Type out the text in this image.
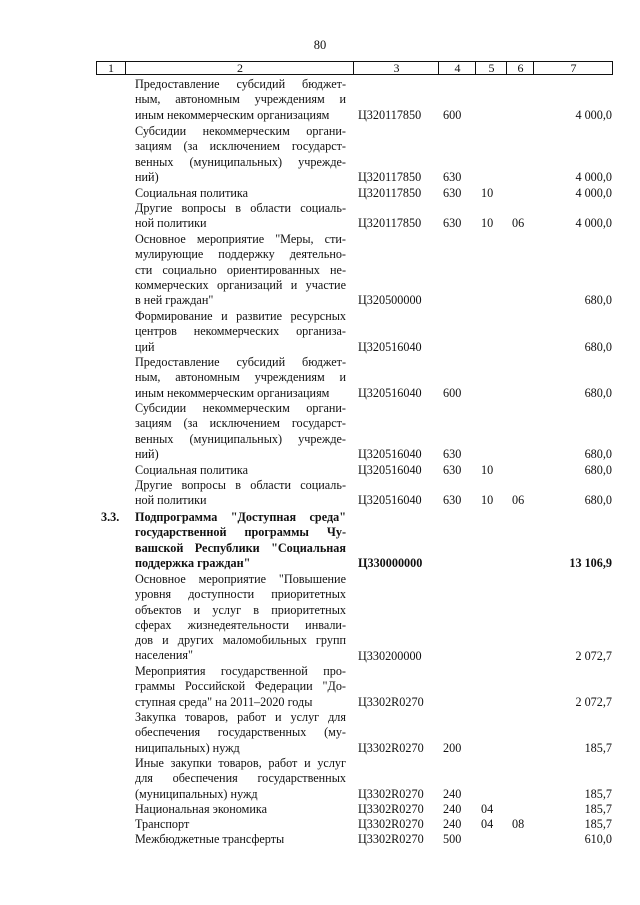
80
1	2	3	4	5	6	7
Предоставление субсидий бюджет-
ным, автономным учреждениям и
иным некоммерческим организациям	Ц320117850 600	4 000,0
Субсидии некоммерческим органи-
зациям (за исключением государст-
венных (муниципальных) учрежде-
ний)	Ц320117850 630	4 000,0
Социальная политика	Ц320117850 630 10	4 000,0
Другие вопросы в области социаль-
ной политики	Ц320117850 630 10 06	4 000,0
Основное мероприятие "Меры, сти-
мулирующие поддержку деятельно-
сти социально ориентированных не-
коммерческих организаций и участие
в ней граждан"	Ц320500000	680,0
Формирование и развитие ресурсных
центров некоммерческих организа-
ций	Ц320516040	680,0
Предоставление субсидий бюджет-
ным, автономным учреждениям и
иным некоммерческим организациям	Ц320516040 600	680,0
Субсидии некоммерческим органи-
зациям (за исключением государст-
венных (муниципальных) учрежде-
ний)	Ц320516040 630	680,0
Социальная политика	Ц320516040 630 10	680,0
Другие вопросы в области социаль-
ной политики	Ц320516040 630 10 06	680,0
3.3. Подпрограмма "Доступная среда"
государственной программы Чу-
вашской Республики "Социальная
поддержка граждан"	Ц330000000	13 106,9
Основное мероприятие "Повышение
уровня доступности приоритетных
объектов и услуг в приоритетных
сферах жизнедеятельности инвали-
дов и других маломобильных групп
населения"	Ц330200000	2 072,7
Мероприятия государственной про-
граммы Российской Федерации "До-
ступная среда" на 2011–2020 годы	Ц3302R0270	2 072,7
Закупка товаров, работ и услуг для
обеспечения государственных (му-
ниципальных) нужд	Ц3302R0270 200	185,7
Иные закупки товаров, работ и услуг
для обеспечения государственных
(муниципальных) нужд	Ц3302R0270 240	185,7
Национальная экономика	Ц3302R0270 240 04	185,7
Транспорт	Ц3302R0270 240 04 08	185,7
Межбюджетные трансферты	Ц3302R0270 500	610,0
